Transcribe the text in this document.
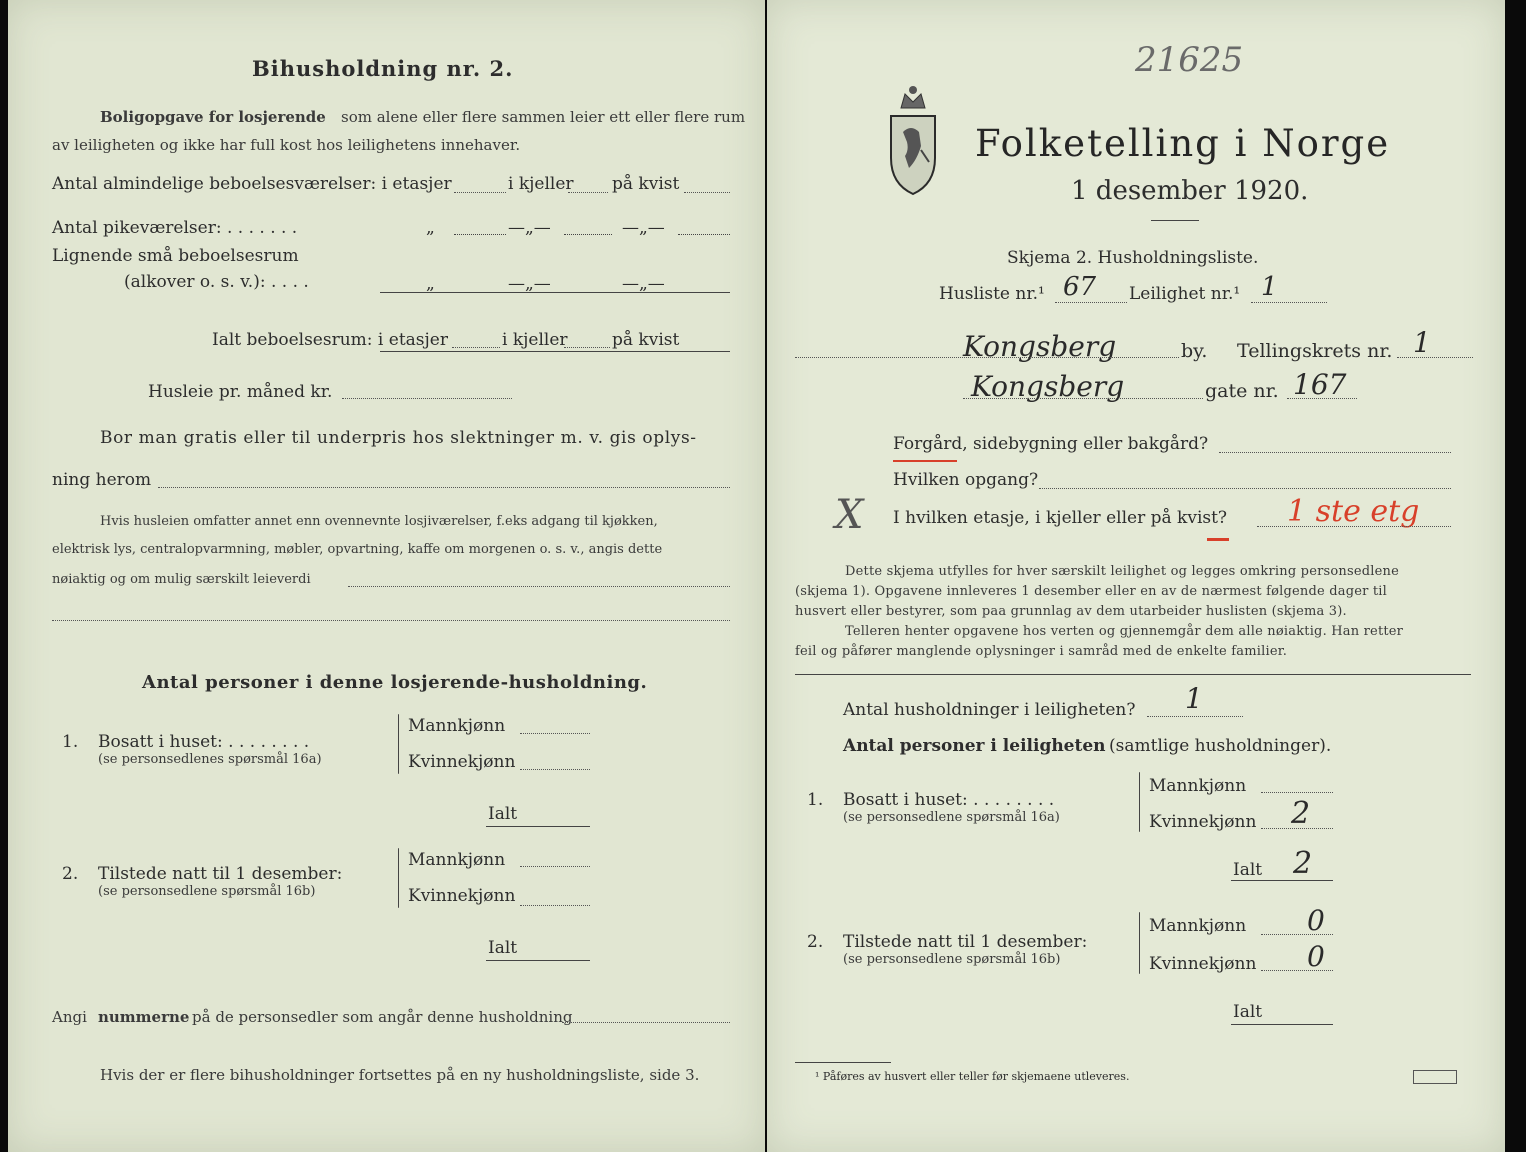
Bihusholdning nr. 2.
Boligopgave for losjerende som alene eller flere sammen leier ett eller flere rum
av leiligheten og ikke har full kost hos leilighetens innehaver.
Antal almindelige beboelsesværelser: i etasjer	i kjeller på kvist
Antal pikeværelser: . . . . . . .	„	—„—	—„—
Lignende små beboelsesrum
(alkover o. s. v.): . . . .	„	—„—	—„—
Ialt beboelsesrum: i etasjer	i kjeller	på kvist
Husleie pr. måned kr.
Bor man gratis eller til underpris hos slektninger m. v. gis oplys-
ning herom
Hvis husleien omfatter annet enn ovennevnte losjiværelser, f.eks adgang til kjøkken,
elektrisk lys, centralopvarmning, møbler, opvartning, kaffe om morgenen o. s. v., angis dette
nøiaktig og om mulig særskilt leieverdi
Antal personer i denne losjerende-husholdning.
1. Bosatt i huset: . . . . . . . .
(se personsedlenes spørsmål 16a)
Mannkjønn
Kvinnekjønn
Ialt
2. Tilstede natt til 1 desember:
(se personsedlene spørsmål 16b)
Mannkjønn
Kvinnekjønn
Ialt
Angi nummerne på de personsedler som angår denne husholdning
Hvis der er flere bihusholdninger fortsettes på en ny husholdningsliste, side 3.
21625
Folketelling i Norge
1 desember 1920.
Skjema 2. Husholdningsliste.
Husliste nr.¹ 67 Leilighet nr.¹ 1
Kongsberg	by. Tellingskrets nr. 1
Kongsberg	gate nr. 167
Forgård, sidebygning eller bakgård?
Hvilken opgang?
X I hvilken etasje, i kjeller eller på kvist? 1 ste etg
Dette skjema utfylles for hver særskilt leilighet og legges omkring personsedlene
(skjema 1). Opgavene innleveres 1 desember eller en av de nærmest følgende dager til
husvert eller bestyrer, som paa grunnlag av dem utarbeider huslisten (skjema 3).
Telleren henter opgavene hos verten og gjennemgår dem alle nøiaktig. Han retter
feil og påfører manglende oplysninger i samråd med de enkelte familier.
Antal husholdninger i leiligheten? 1
Antal personer i leiligheten (samtlige husholdninger).
1. Bosatt i huset: . . . . . . . .
(se personsedlene spørsmål 16a)
Mannkjønn
Kvinnekjønn 2
Ialt 2
2. Tilstede natt til 1 desember:
(se personsedlene spørsmål 16b)
Mannkjønn 0
Kvinnekjønn 0
Ialt
¹ Påføres av husvert eller teller før skjemaene utleveres.
